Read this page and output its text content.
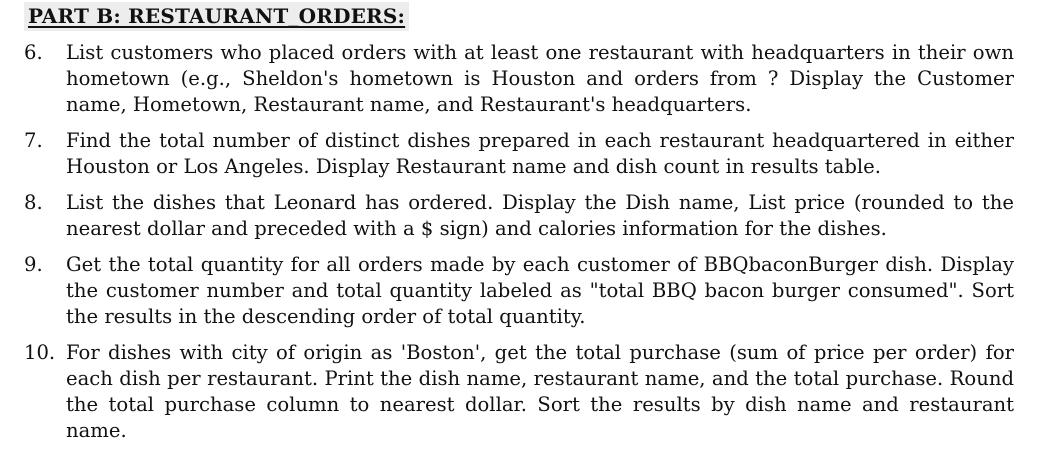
PART B: RESTAURANT_ORDERS:
6.	List customers who placed orders with at least one restaurant with headquarters in their own hometown (e.g., Sheldon's hometown is Houston and orders from ? Display the Customer name, Hometown, Restaurant name, and Restaurant's headquarters.
7.	Find the total number of distinct dishes prepared in each restaurant headquartered in either Houston or Los Angeles. Display Restaurant name and dish count in results table.
8.	List the dishes that Leonard has ordered. Display the Dish name, List price (rounded to the nearest dollar and preceded with a $ sign) and calories information for the dishes.
9.	Get the total quantity for all orders made by each customer of BBQbaconBurger dish. Display the customer number and total quantity labeled as "total BBQ bacon burger consumed". Sort the results in the descending order of total quantity.
10. For dishes with city of origin as 'Boston', get the total purchase (sum of price per order) for each dish per restaurant. Print the dish name, restaurant name, and the total purchase. Round the total purchase column to nearest dollar. Sort the results by dish name and restaurant name.
